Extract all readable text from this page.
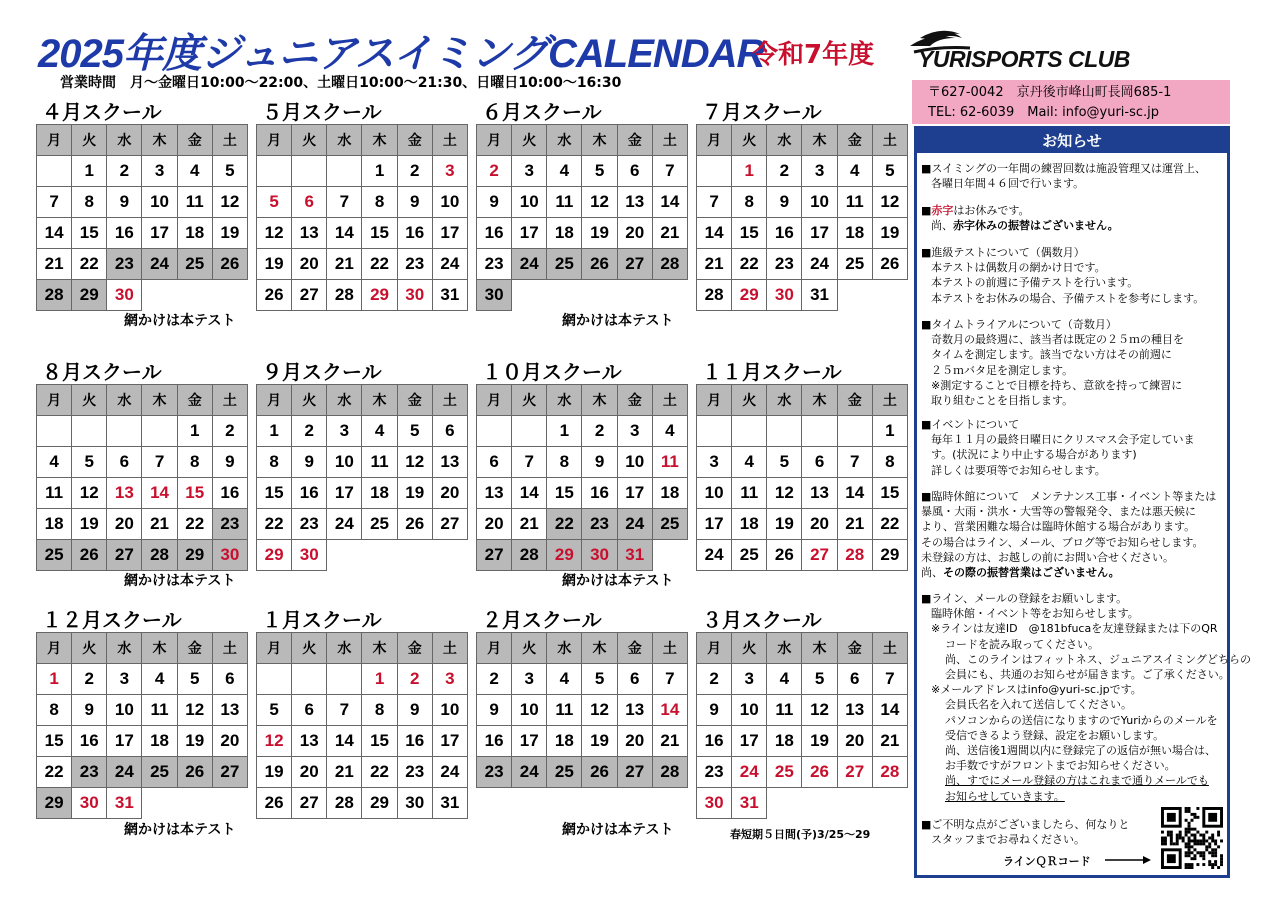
2025年度ジュニアスイミングCALENDAR
令和7年度
営業時間　月～金曜日10:00～22:00、土曜日10:00～21:30、日曜日10:00～16:30
YURISPORTS CLUB
〒627-0042　京丹後市峰山町長岡685-1
TEL: 62-6039　Mail: info@yuri-sc.jp
４月スクール
月	火	水	木	金	土
	1	2	3	4	5
7	8	9	10	11	12
14	15	16	17	18	19
21	22	23	24	25	26
28	29	30			
５月スクール
月	火	水	木	金	土
			1	2	3
5	6	7	8	9	10
12	13	14	15	16	17
19	20	21	22	23	24
26	27	28	29	30	31
６月スクール
月	火	水	木	金	土
2	3	4	5	6	7
9	10	11	12	13	14
16	17	18	19	20	21
23	24	25	26	27	28
30					
７月スクール
月	火	水	木	金	土
	1	2	3	4	5
7	8	9	10	11	12
14	15	16	17	18	19
21	22	23	24	25	26
28	29	30	31		
８月スクール
月	火	水	木	金	土
				1	2
4	5	6	7	8	9
11	12	13	14	15	16
18	19	20	21	22	23
25	26	27	28	29	30
９月スクール
月	火	水	木	金	土
1	2	3	4	5	6
8	9	10	11	12	13
15	16	17	18	19	20
22	23	24	25	26	27
29	30				
１０月スクール
月	火	水	木	金	土
		1	2	3	4
6	7	8	9	10	11
13	14	15	16	17	18
20	21	22	23	24	25
27	28	29	30	31	
１１月スクール
月	火	水	木	金	土
					1
3	4	5	6	7	8
10	11	12	13	14	15
17	18	19	20	21	22
24	25	26	27	28	29
１２月スクール
月	火	水	木	金	土
1	2	3	4	5	6
8	9	10	11	12	13
15	16	17	18	19	20
22	23	24	25	26	27
29	30	31			
１月スクール
月	火	水	木	金	土
			1	2	3
5	6	7	8	9	10
12	13	14	15	16	17
19	20	21	22	23	24
26	27	28	29	30	31
２月スクール
月	火	水	木	金	土
2	3	4	5	6	7
9	10	11	12	13	14
16	17	18	19	20	21
23	24	25	26	27	28
３月スクール
月	火	水	木	金	土
2	3	4	5	6	7
9	10	11	12	13	14
16	17	18	19	20	21
23	24	25	26	27	28
30	31				
網かけは本テスト	網かけは本テスト
網かけは本テスト	網かけは本テスト
網かけは本テスト	網かけは本テスト	春短期５日間(予)3/25～29
お知らせ
■スイミングの一年間の練習回数は施設管理又は運営上、

各曜日年間４６回で行います。

■赤字はお休みです。

尚、赤字休みの振替はございません。

■進級テストについて（偶数月）

本テストは偶数月の網かけ日です。

本テストの前週に予備テストを行います。

本テストをお休みの場合、予備テストを参考にします。

■タイムトライアルについて（奇数月）

奇数月の最終週に、該当者は既定の２５ｍの種目を

タイムを測定します。該当でない方はその前週に

２５ｍバタ足を測定します。

※測定することで目標を持ち、意欲を持って練習に

取り組むことを目指します。

■イベントについて

毎年１１月の最終日曜日にクリスマス会予定していま

す。(状況により中止する場合があります)

詳しくは要項等でお知らせします。

■臨時休館について　メンテナンス工事・イベント等または
暴風・大雨・洪水・大雪等の警報発令、または悪天候に
より、営業困難な場合は臨時休館する場合があります。
その場合はライン、メール、ブログ等でお知らせします。
未登録の方は、お越しの前にお問い合せください。
尚、その際の振替営業はございません。
■ライン、メールの登録をお願いします。

臨時休館・イベント等をお知らせします。

※ラインは友達ID　@181bfucaを友達登録または下のQR

コードを読み取ってください。

尚、このラインはフィットネス、ジュニアスイミングどちらの

会員にも、共通のお知らせが届きます。ご了承ください。

※メールアドレスはinfo@yuri-sc.jpです。

会員氏名を入れて送信してください。

パソコンからの送信になりますのでYuriからのメールを

受信できるよう登録、設定をお願いします。

尚、送信後1週間以内に登録完了の返信が無い場合は、

お手数ですがフロントまでお知らせください。

尚、すでにメール登録の方はこれまで通りメールでも

お知らせしていきます。

■ご不明な点がございましたら、何なりと

スタッフまでお尋ねください。

ラインＱＲコード
